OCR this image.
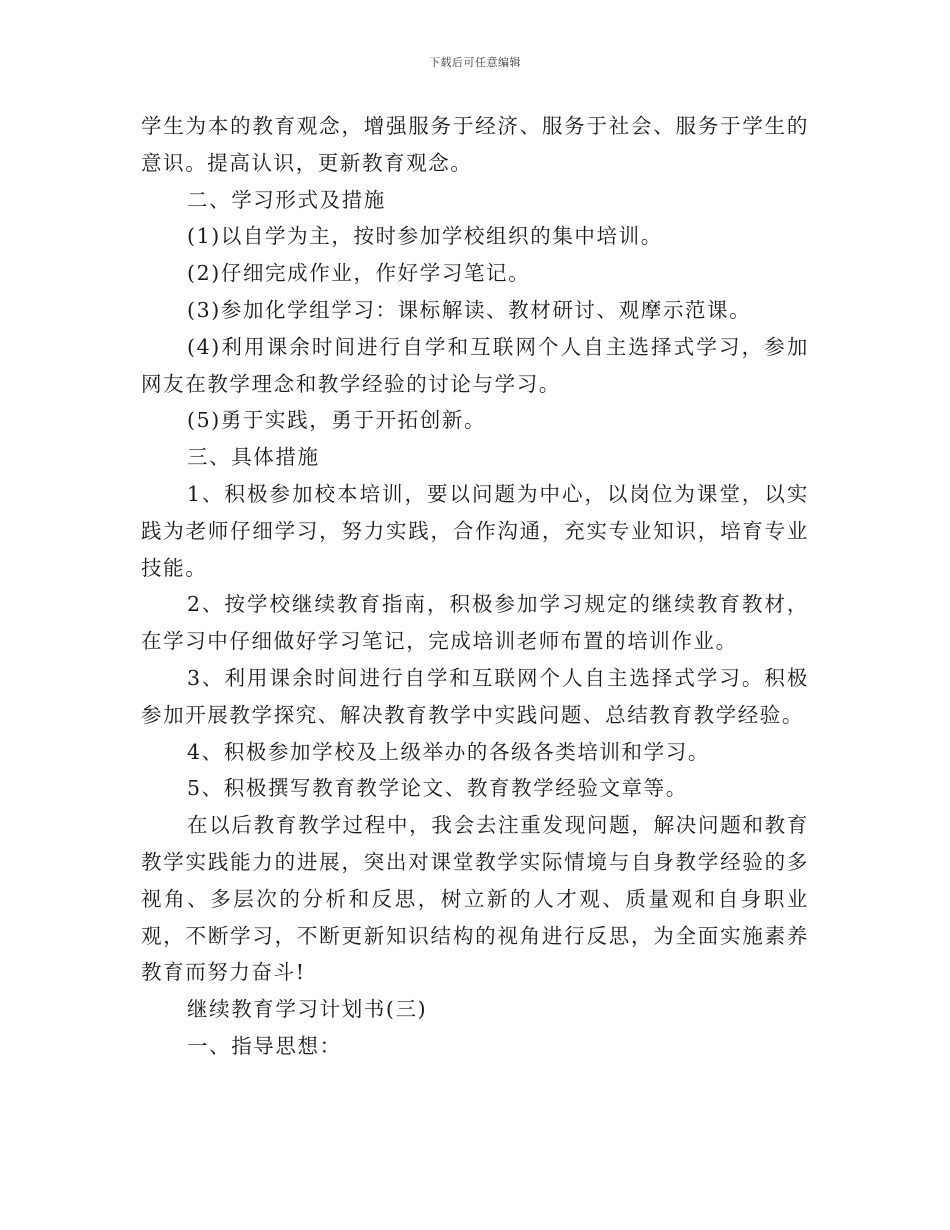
下载后可任意编辑

学生为本的教育观念，增强服务于经济、服务于社会、服务于学生的意识。提高认识，更新教育观念。

二、学习形式及措施

(1)以自学为主，按时参加学校组织的集中培训。

(2)仔细完成作业，作好学习笔记。

(3)参加化学组学习：课标解读、教材研讨、观摩示范课。

(4)利用课余时间进行自学和互联网个人自主选择式学习，参加网友在教学理念和教学经验的讨论与学习。

(5)勇于实践，勇于开拓创新。

三、具体措施

1、积极参加校本培训，要以问题为中心，以岗位为课堂，以实践为老师仔细学习，努力实践，合作沟通，充实专业知识，培育专业技能。

2、按学校继续教育指南，积极参加学习规定的继续教育教材，在学习中仔细做好学习笔记，完成培训老师布置的培训作业。

3、利用课余时间进行自学和互联网个人自主选择式学习。积极参加开展教学探究、解决教育教学中实践问题、总结教育教学经验。

4、积极参加学校及上级举办的各级各类培训和学习。

5、积极撰写教育教学论文、教育教学经验文章等。

在以后教育教学过程中，我会去注重发现问题，解决问题和教育教学实践能力的进展，突出对课堂教学实际情境与自身教学经验的多视角、多层次的分析和反思，树立新的人才观、质量观和自身职业观，不断学习，不断更新知识结构的视角进行反思，为全面实施素养教育而努力奋斗!

继续教育学习计划书(三)

一、指导思想：
